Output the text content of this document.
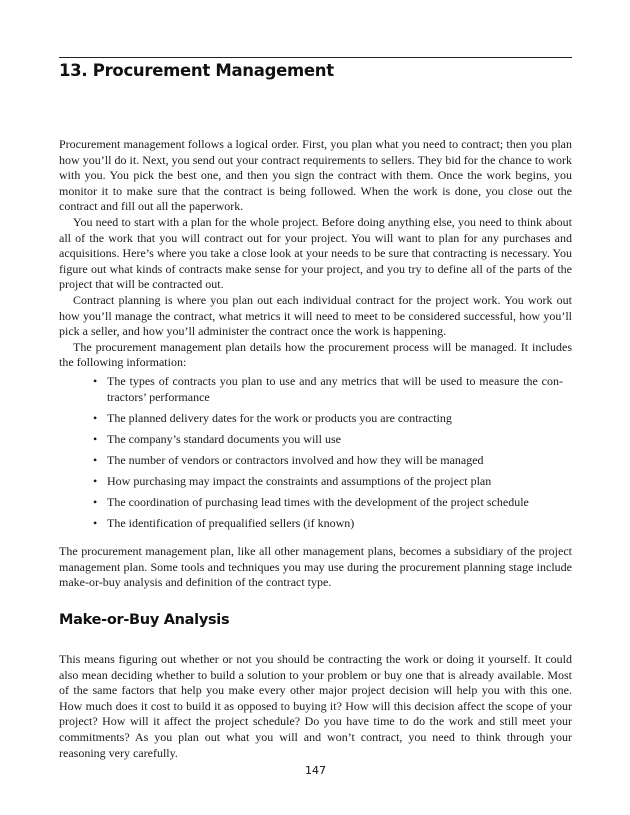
13. Procurement Management

Procurement management follows a logical order. First, you plan what you need to contract; then you plan how you’ll do it. Next, you send out your contract requirements to sellers. They bid for the chance to work with you. You pick the best one, and then you sign the contract with them. Once the work begins, you monitor it to make sure that the contract is being followed. When the work is done, you close out the contract and fill out all the paperwork.

You need to start with a plan for the whole project. Before doing anything else, you need to think about all of the work that you will contract out for your project. You will want to plan for any purchases and acquisitions. Here’s where you take a close look at your needs to be sure that contracting is necessary. You figure out what kinds of contracts make sense for your project, and you try to define all of the parts of the project that will be contracted out.

Contract planning is where you plan out each individual contract for the project work. You work out how you’ll manage the contract, what metrics it will need to meet to be considered successful, how you’ll pick a seller, and how you’ll administer the contract once the work is happening.

The procurement management plan details how the procurement process will be managed. It includes the following information:

• The types of contracts you plan to use and any metrics that will be used to measure the contractors’ performance
• The planned delivery dates for the work or products you are contracting
• The company’s standard documents you will use
• The number of vendors or contractors involved and how they will be managed
• How purchasing may impact the constraints and assumptions of the project plan
• The coordination of purchasing lead times with the development of the project schedule
• The identification of prequalified sellers (if known)

The procurement management plan, like all other management plans, becomes a subsidiary of the project management plan. Some tools and techniques you may use during the procurement planning stage include make-or-buy analysis and definition of the contract type.

Make-or-Buy Analysis

This means figuring out whether or not you should be contracting the work or doing it yourself. It could also mean deciding whether to build a solution to your problem or buy one that is already available. Most of the same factors that help you make every other major project decision will help you with this one. How much does it cost to build it as opposed to buying it? How will this decision affect the scope of your project? How will it affect the project schedule? Do you have time to do the work and still meet your commitments? As you plan out what you will and won’t contract, you need to think through your reasoning very carefully.

147
